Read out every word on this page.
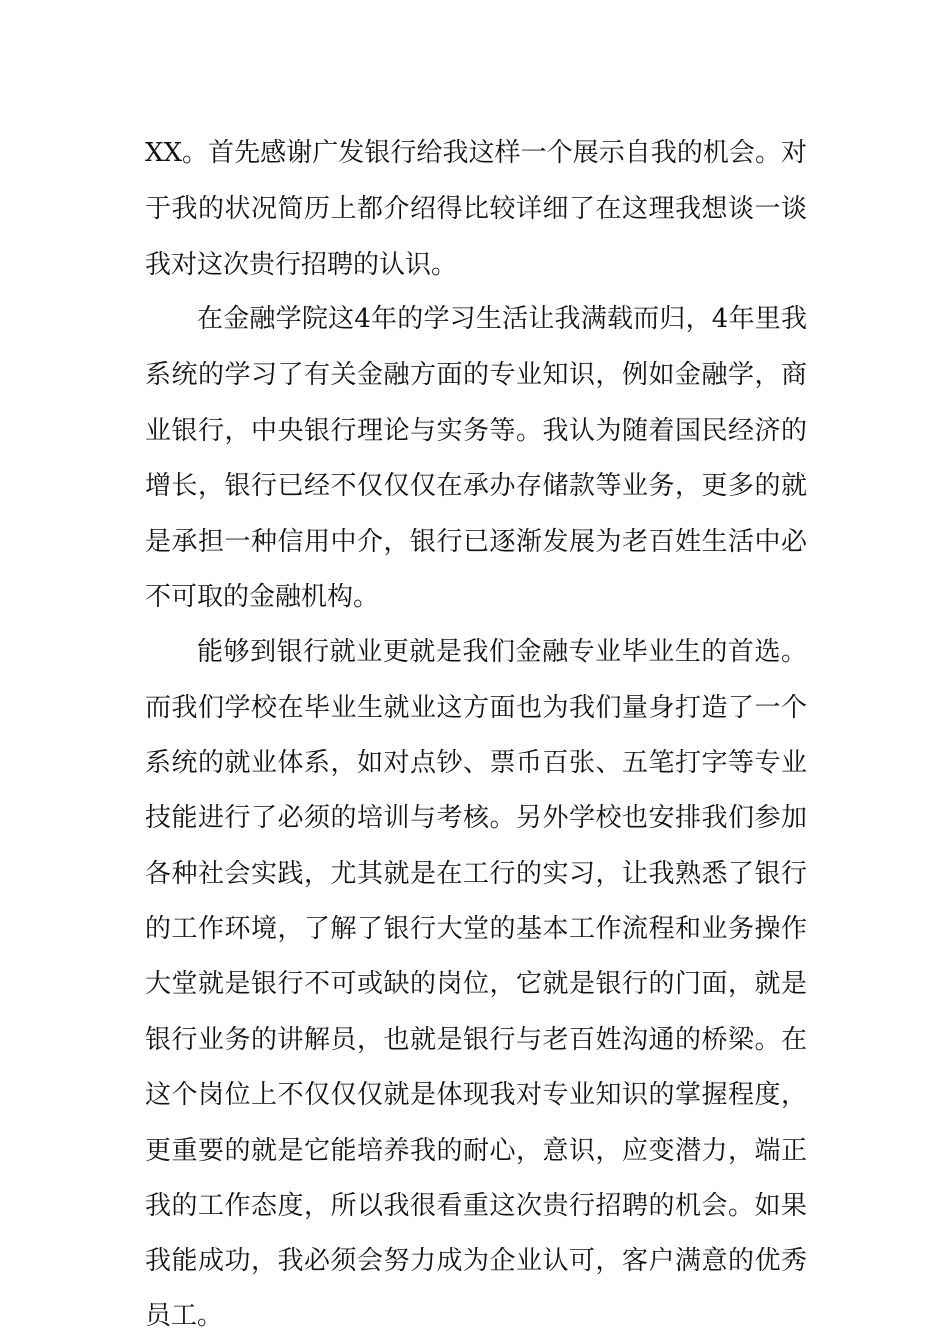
XX。首先感谢广发银行给我这样一个展示自我的机会。对

于我的状况简历上都介绍得比较详细了在这理我想谈一谈

我对这次贵行招聘的认识。

在金融学院这4年的学习生活让我满载而归，4年里我

系统的学习了有关金融方面的专业知识，例如金融学，商

业银行，中央银行理论与实务等。我认为随着国民经济的

增长，银行已经不仅仅仅在承办存储款等业务，更多的就

是承担一种信用中介，银行已逐渐发展为老百姓生活中必

不可取的金融机构。

能够到银行就业更就是我们金融专业毕业生的首选。

而我们学校在毕业生就业这方面也为我们量身打造了一个

系统的就业体系，如对点钞、票币百张、五笔打字等专业

技能进行了必须的培训与考核。另外学校也安排我们参加

各种社会实践，尤其就是在工行的实习，让我熟悉了银行

的工作环境，了解了银行大堂的基本工作流程和业务操作

大堂就是银行不可或缺的岗位，它就是银行的门面，就是

银行业务的讲解员，也就是银行与老百姓沟通的桥梁。在

这个岗位上不仅仅仅就是体现我对专业知识的掌握程度，

更重要的就是它能培养我的耐心，意识，应变潜力，端正

我的工作态度，所以我很看重这次贵行招聘的机会。如果

我能成功，我必须会努力成为企业认可，客户满意的优秀

员工。
